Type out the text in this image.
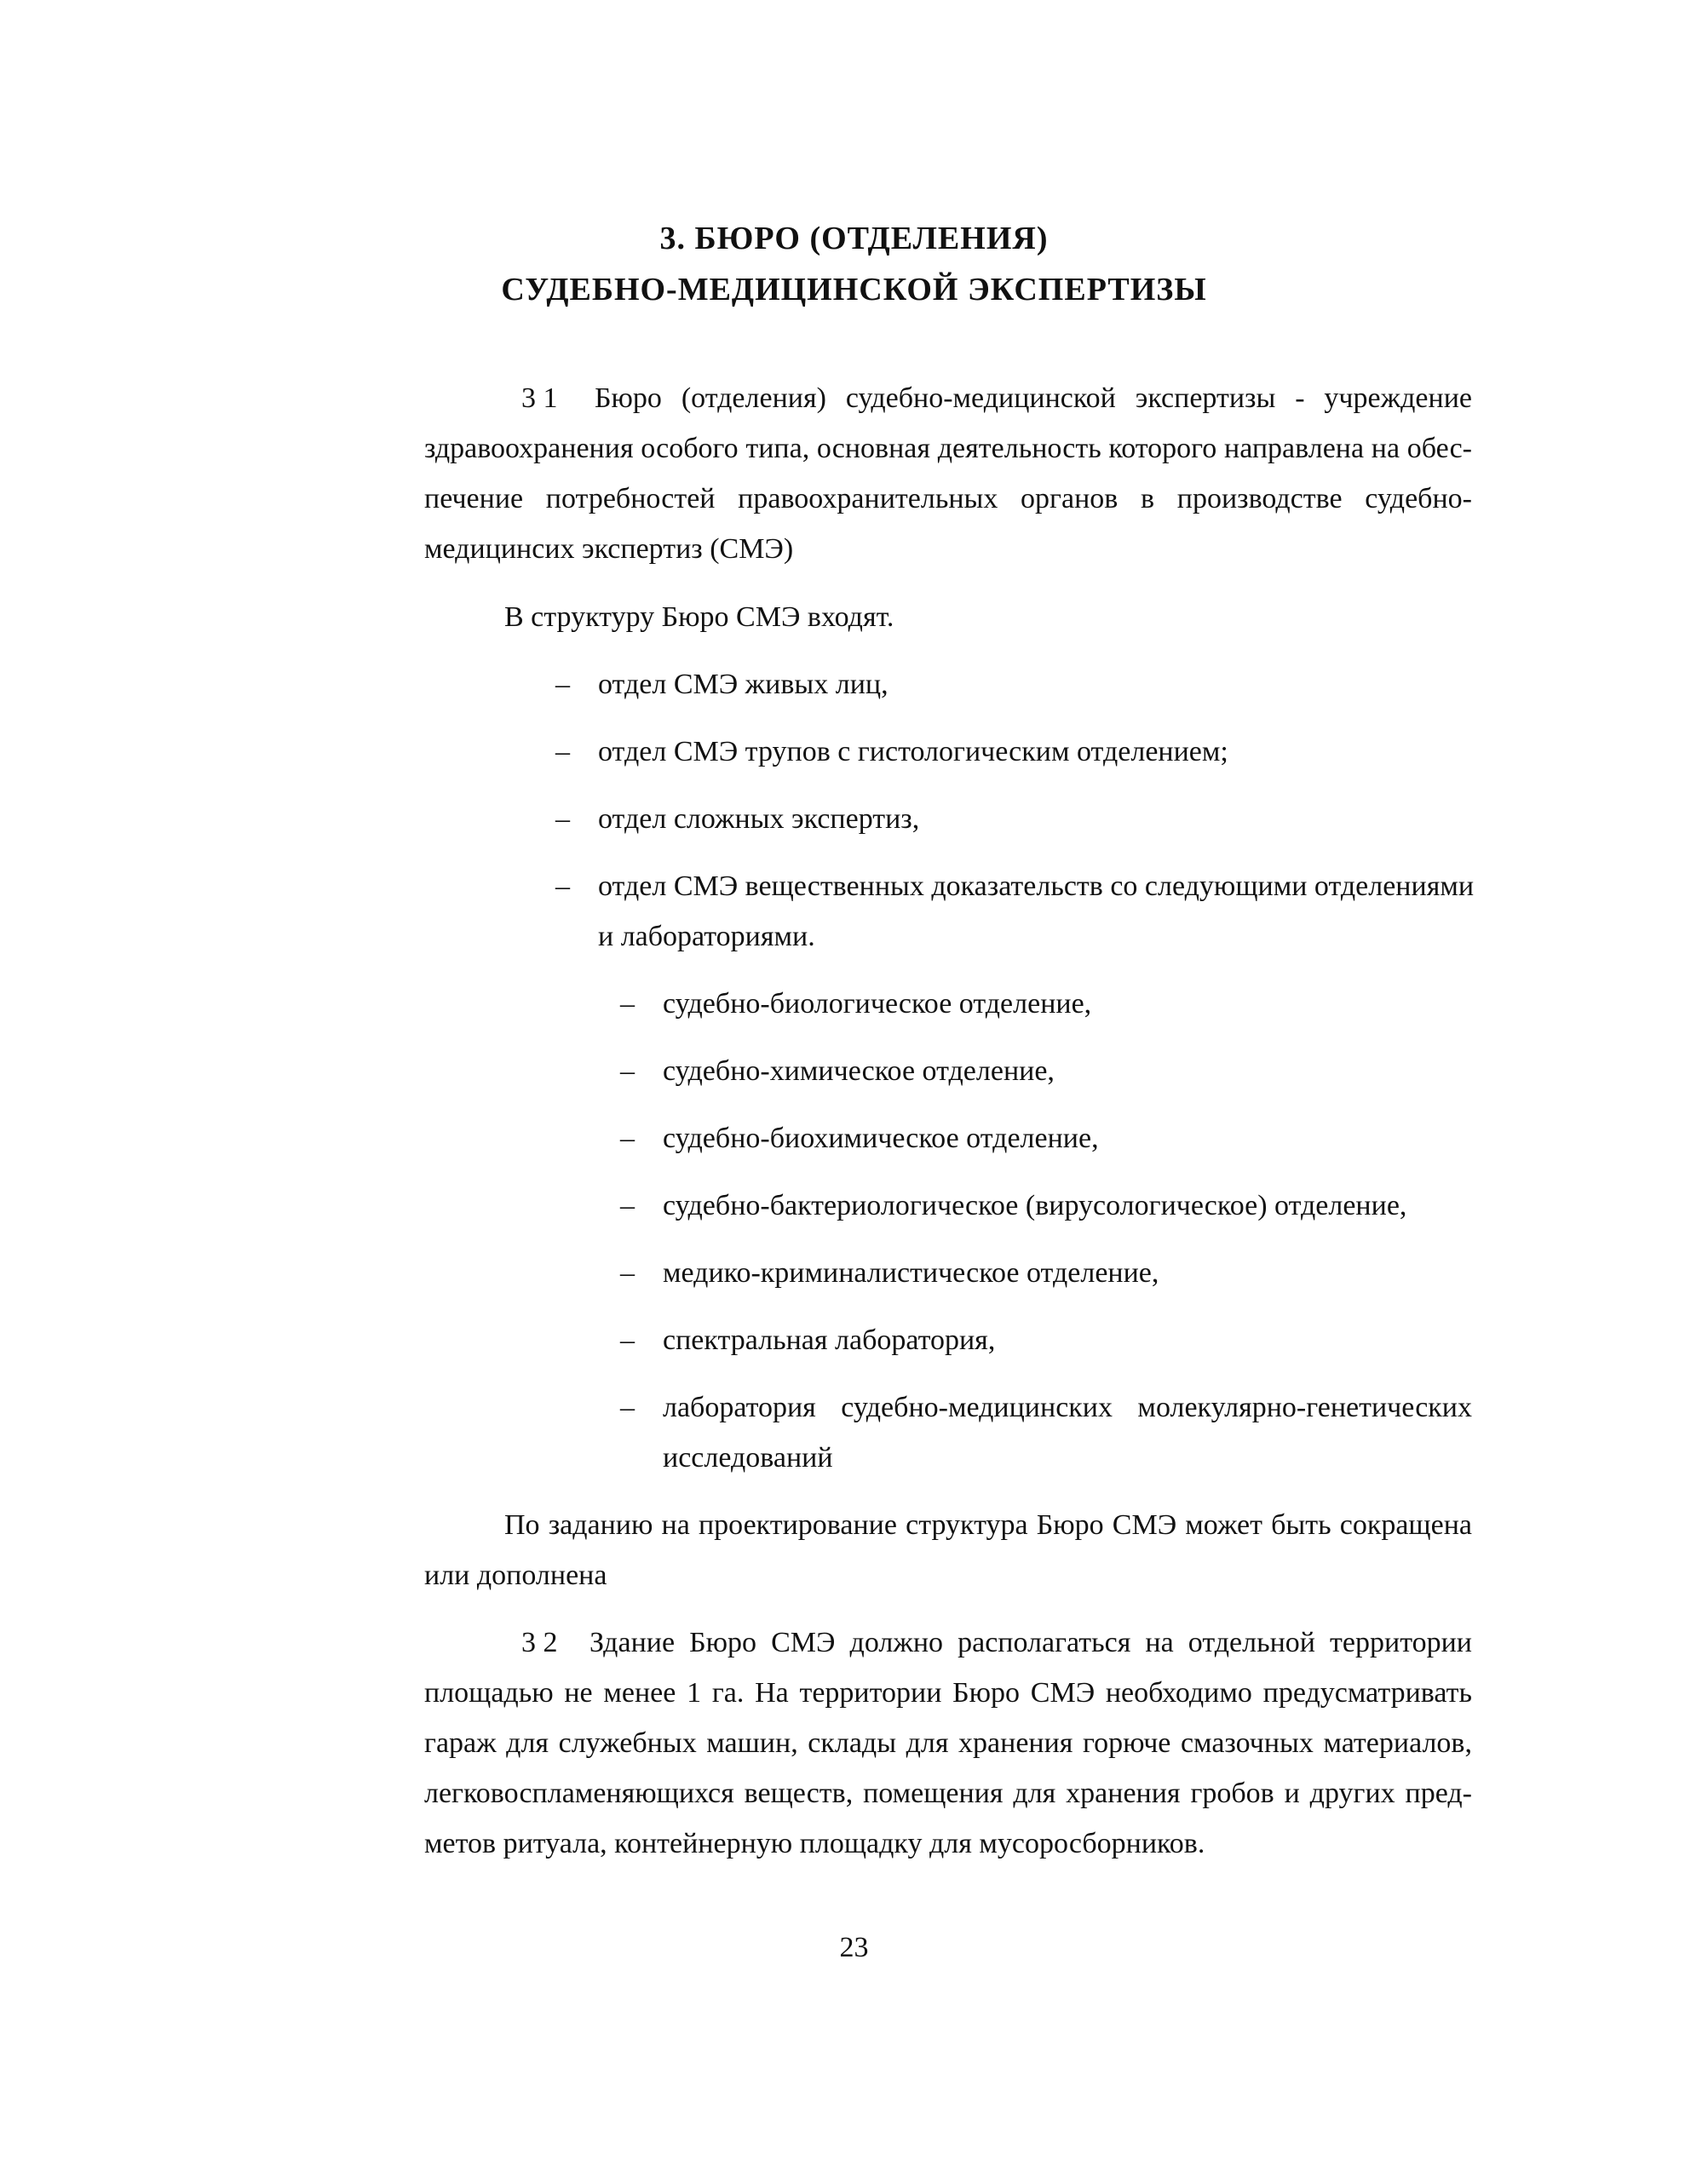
3. БЮРО (ОТДЕЛЕНИЯ)
СУДЕБНО-МЕДИЦИНСКОЙ ЭКСПЕРТИЗЫ
3 1 Бюро (отделения) судебно-медицинской экспертизы - учреждение
здравоохранения особого типа, основная деятельность которого направлена на обес-
печение потребностей правоохранительных органов в производстве судебно-
медицинсих экспертиз (СМЭ)
В структуру Бюро СМЭ входят.
– отдел СМЭ живых лиц,
– отдел СМЭ трупов с гистологическим отделением;
– отдел сложных экспертиз,
– отдел СМЭ вещественных доказательств со следующими отделениями
и лабораториями.
– судебно-биологическое отделение,
– судебно-химическое отделение,
– судебно-биохимическое отделение,
– судебно-бактериологическое (вирусологическое) отделение,
– медико-криминалистическое отделение,
– спектральная лаборатория,
– лаборатория судебно-медицинских молекулярно-генетических
исследований
По заданию на проектирование структура Бюро СМЭ может быть сокращена
или дополнена
3 2 Здание Бюро СМЭ должно располагаться на отдельной территории
площадью не менее 1 га. На территории Бюро СМЭ необходимо предусматривать
гараж для служебных машин, склады для хранения горюче смазочных материалов,
легковоспламеняющихся веществ, помещения для хранения гробов и других пред-
метов ритуала, контейнерную площадку для мусоросборников.
23
